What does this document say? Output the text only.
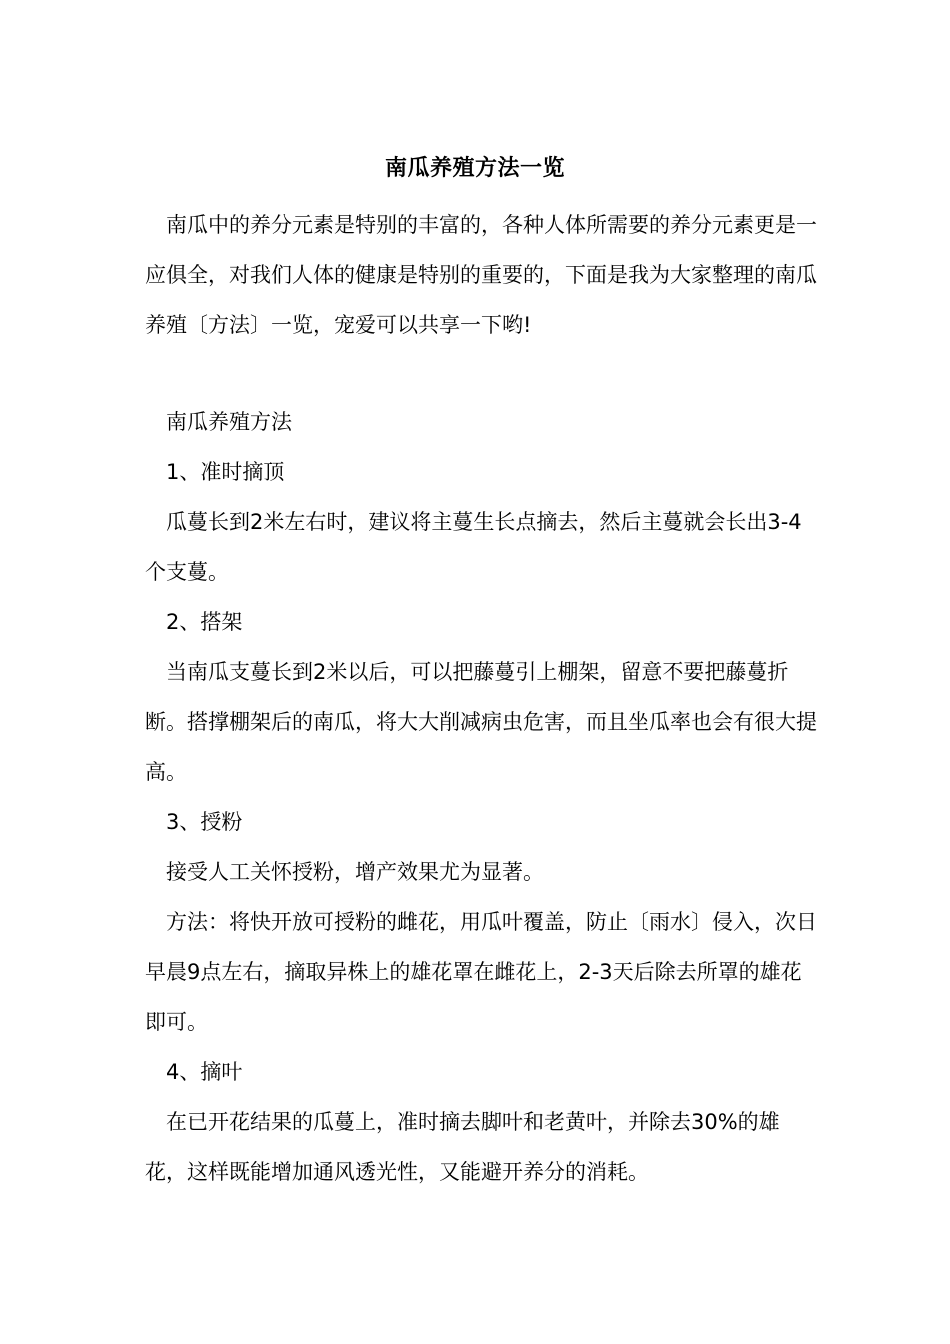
南瓜养殖方法一览

南瓜中的养分元素是特别的丰富的，各种人体所需要的养分元素更是一应俱全，对我们人体的健康是特别的重要的，下面是我为大家整理的南瓜养殖〔方法〕一览，宠爱可以共享一下哟!

南瓜养殖方法

1、准时摘顶

瓜蔓长到2米左右时，建议将主蔓生长点摘去，然后主蔓就会长出3-4个支蔓。

2、搭架

当南瓜支蔓长到2米以后，可以把藤蔓引上棚架，留意不要把藤蔓折断。搭撑棚架后的南瓜，将大大削减病虫危害，而且坐瓜率也会有很大提高。

3、授粉

接受人工关怀授粉，增产效果尤为显著。

方法：将快开放可授粉的雌花，用瓜叶覆盖，防止〔雨水〕侵入，次日早晨9点左右，摘取异株上的雄花罩在雌花上，2-3天后除去所罩的雄花即可。

4、摘叶

在已开花结果的瓜蔓上，准时摘去脚叶和老黄叶，并除去30%的雄花，这样既能增加通风透光性，又能避开养分的消耗。
